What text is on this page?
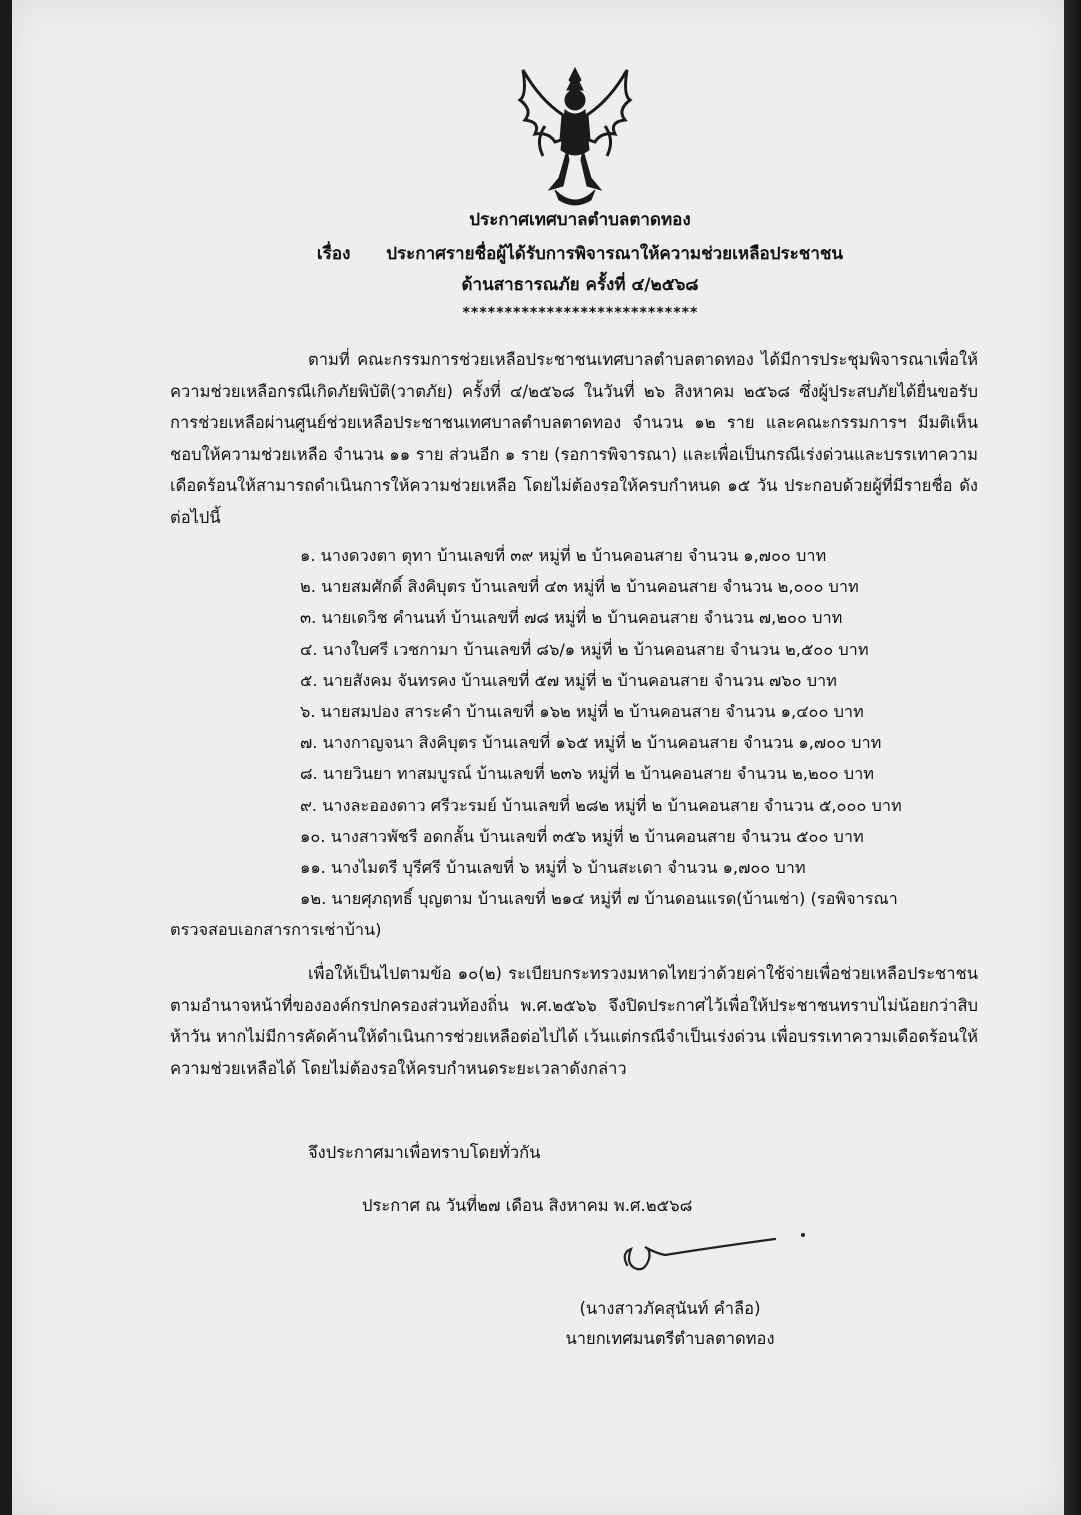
ประกาศเทศบาลตำบลตาดทอง
เรื่อง ประกาศรายชื่อผู้ได้รับการพิจารณาให้ความช่วยเหลือประชาชน
ด้านสาธารณภัย ครั้งที่ ๔/๒๕๖๘
****************************
ตามที่ คณะกรรมการช่วยเหลือประชาชนเทศบาลตำบลตาดทอง ได้มีการประชุมพิจารณาเพื่อให้ความช่วยเหลือกรณีเกิดภัยพิบัติ(วาตภัย) ครั้งที่ ๔/๒๕๖๘ ในวันที่ ๒๖ สิงหาคม ๒๕๖๘ ซึ่งผู้ประสบภัยได้ยื่นขอรับการช่วยเหลือผ่านศูนย์ช่วยเหลือประชาชนเทศบาลตำบลตาดทอง จำนวน ๑๒ ราย และคณะกรรมการฯ มีมติเห็นชอบให้ความช่วยเหลือ จำนวน ๑๑ ราย ส่วนอีก ๑ ราย (รอการพิจารณา) และเพื่อเป็นกรณีเร่งด่วนและบรรเทาความเดือดร้อนให้สามารถดำเนินการให้ความช่วยเหลือ โดยไม่ต้องรอให้ครบกำหนด ๑๕ วัน ประกอบด้วยผู้ที่มีรายชื่อ ดังต่อไปนี้
๑. นางดวงตา ตุทา บ้านเลขที่ ๓๙ หมู่ที่ ๒ บ้านคอนสาย จำนวน ๑,๗๐๐ บาท
๒. นายสมศักดิ์ สิงคิบุตร บ้านเลขที่ ๔๓ หมู่ที่ ๒ บ้านคอนสาย จำนวน ๒,๐๐๐ บาท
๓. นายเดวิช คำนนท์ บ้านเลขที่ ๗๘ หมู่ที่ ๒ บ้านคอนสาย จำนวน ๗,๒๐๐ บาท
๔. นางใบศรี เวชกามา บ้านเลขที่ ๘๖/๑ หมู่ที่ ๒ บ้านคอนสาย จำนวน ๒,๕๐๐ บาท
๕. นายสังคม จันทรคง บ้านเลขที่ ๕๗ หมู่ที่ ๒ บ้านคอนสาย จำนวน ๗๖๐ บาท
๖. นายสมปอง สาระคำ บ้านเลขที่ ๑๖๒ หมู่ที่ ๒ บ้านคอนสาย จำนวน ๑,๔๐๐ บาท
๗. นางกาญจนา สิงคิบุตร บ้านเลขที่ ๑๖๕ หมู่ที่ ๒ บ้านคอนสาย จำนวน ๑,๗๐๐ บาท
๘. นายวินยา ทาสมบูรณ์ บ้านเลขที่ ๒๓๖ หมู่ที่ ๒ บ้านคอนสาย จำนวน ๒,๒๐๐ บาท
๙. นางละอองดาว ศรีวะรมย์ บ้านเลขที่ ๒๘๒ หมู่ที่ ๒ บ้านคอนสาย จำนวน ๕,๐๐๐ บาท
๑๐. นางสาวพัชรี อดกลั้น บ้านเลขที่ ๓๕๖ หมู่ที่ ๒ บ้านคอนสาย จำนวน ๕๐๐ บาท
๑๑. นางไมตรี บุรีศรี บ้านเลขที่ ๖ หมู่ที่ ๖ บ้านสะเดา จำนวน ๑,๗๐๐ บาท
๑๒. นายศุภฤทธิ์ บุญตาม บ้านเลขที่ ๒๑๔ หมู่ที่ ๗ บ้านดอนแรด(บ้านเช่า) (รอพิจารณา
ตรวจสอบเอกสารการเช่าบ้าน)
เพื่อให้เป็นไปตามข้อ ๑๐(๒) ระเบียบกระทรวงมหาดไทยว่าด้วยค่าใช้จ่ายเพื่อช่วยเหลือประชาชนตามอำนาจหน้าที่ขององค์กรปกครองส่วนท้องถิ่น พ.ศ.๒๕๖๖ จึงปิดประกาศไว้เพื่อให้ประชาชนทราบไม่น้อยกว่าสิบห้าวัน หากไม่มีการคัดค้านให้ดำเนินการช่วยเหลือต่อไปได้ เว้นแต่กรณีจำเป็นเร่งด่วน เพื่อบรรเทาความเดือดร้อนให้ความช่วยเหลือได้ โดยไม่ต้องรอให้ครบกำหนดระยะเวลาดังกล่าว
จึงประกาศมาเพื่อทราบโดยทั่วกัน
ประกาศ ณ วันที่๒๗ เดือน สิงหาคม พ.ศ.๒๕๖๘
(นางสาวภัคสุนันท์ คำลือ)
นายกเทศมนตรีตำบลตาดทอง
